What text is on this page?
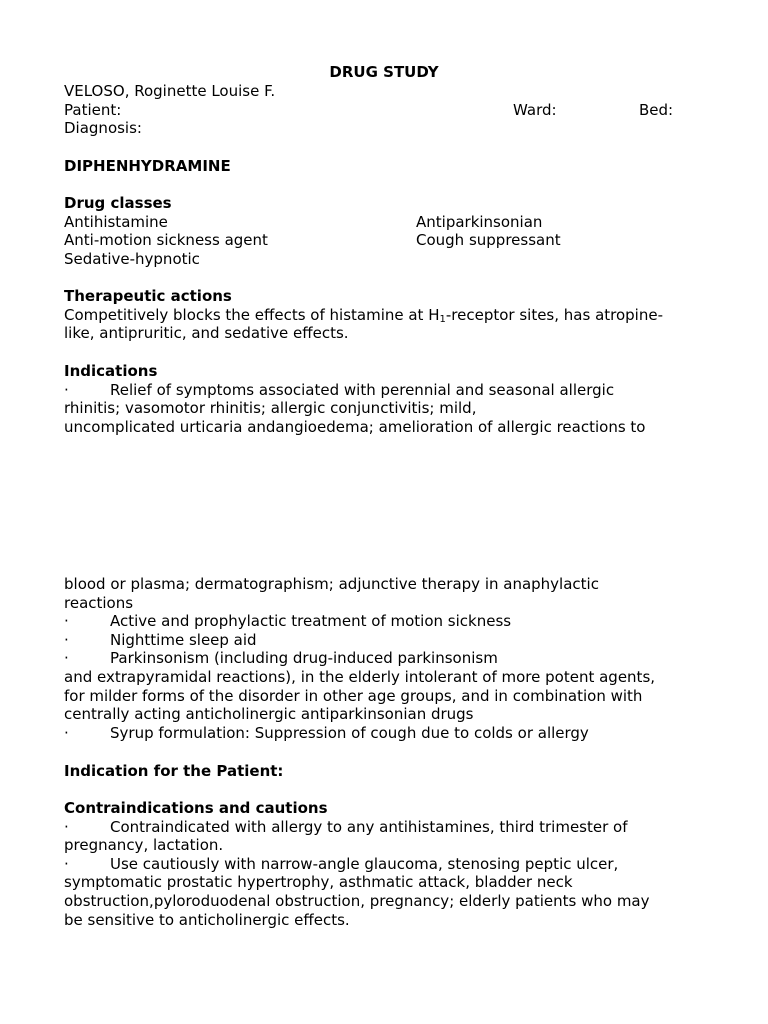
DRUG STUDY

VELOSO, Roginette Louise F.

Patient:	Ward:	Bed:

Diagnosis:

DIPHENHYDRAMINE

Drug classes

Antihistamine	Antiparkinsonian
Anti-motion sickness agent	Cough suppressant
Sedative-hypnotic

Therapeutic actions

Competitively blocks the effects of histamine at $H_1$-receptor sites, has atropine-

like, antipruritic, and sedative effects.

Indications

·	Relief of symptoms associated with perennial and seasonal allergic

rhinitis; vasomotor rhinitis; allergic conjunctivitis; mild,

uncomplicated urticaria andangioedema; amelioration of allergic reactions to

blood or plasma; dermatographism; adjunctive therapy in anaphylactic

reactions

·	Active and prophylactic treatment of motion sickness

·	Nighttime sleep aid

·	Parkinsonism (including drug-induced parkinsonism

and extrapyramidal reactions), in the elderly intolerant of more potent agents,

for milder forms of the disorder in other age groups, and in combination with

centrally acting anticholinergic antiparkinsonian drugs

·	Syrup formulation: Suppression of cough due to colds or allergy

Indication for the Patient:

Contraindications and cautions

·	Contraindicated with allergy to any antihistamines, third trimester of

pregnancy, lactation.

·	Use cautiously with narrow-angle glaucoma, stenosing peptic ulcer,

symptomatic prostatic hypertrophy, asthmatic attack, bladder neck

obstruction,pyloroduodenal obstruction, pregnancy; elderly patients who may

be sensitive to anticholinergic effects.
